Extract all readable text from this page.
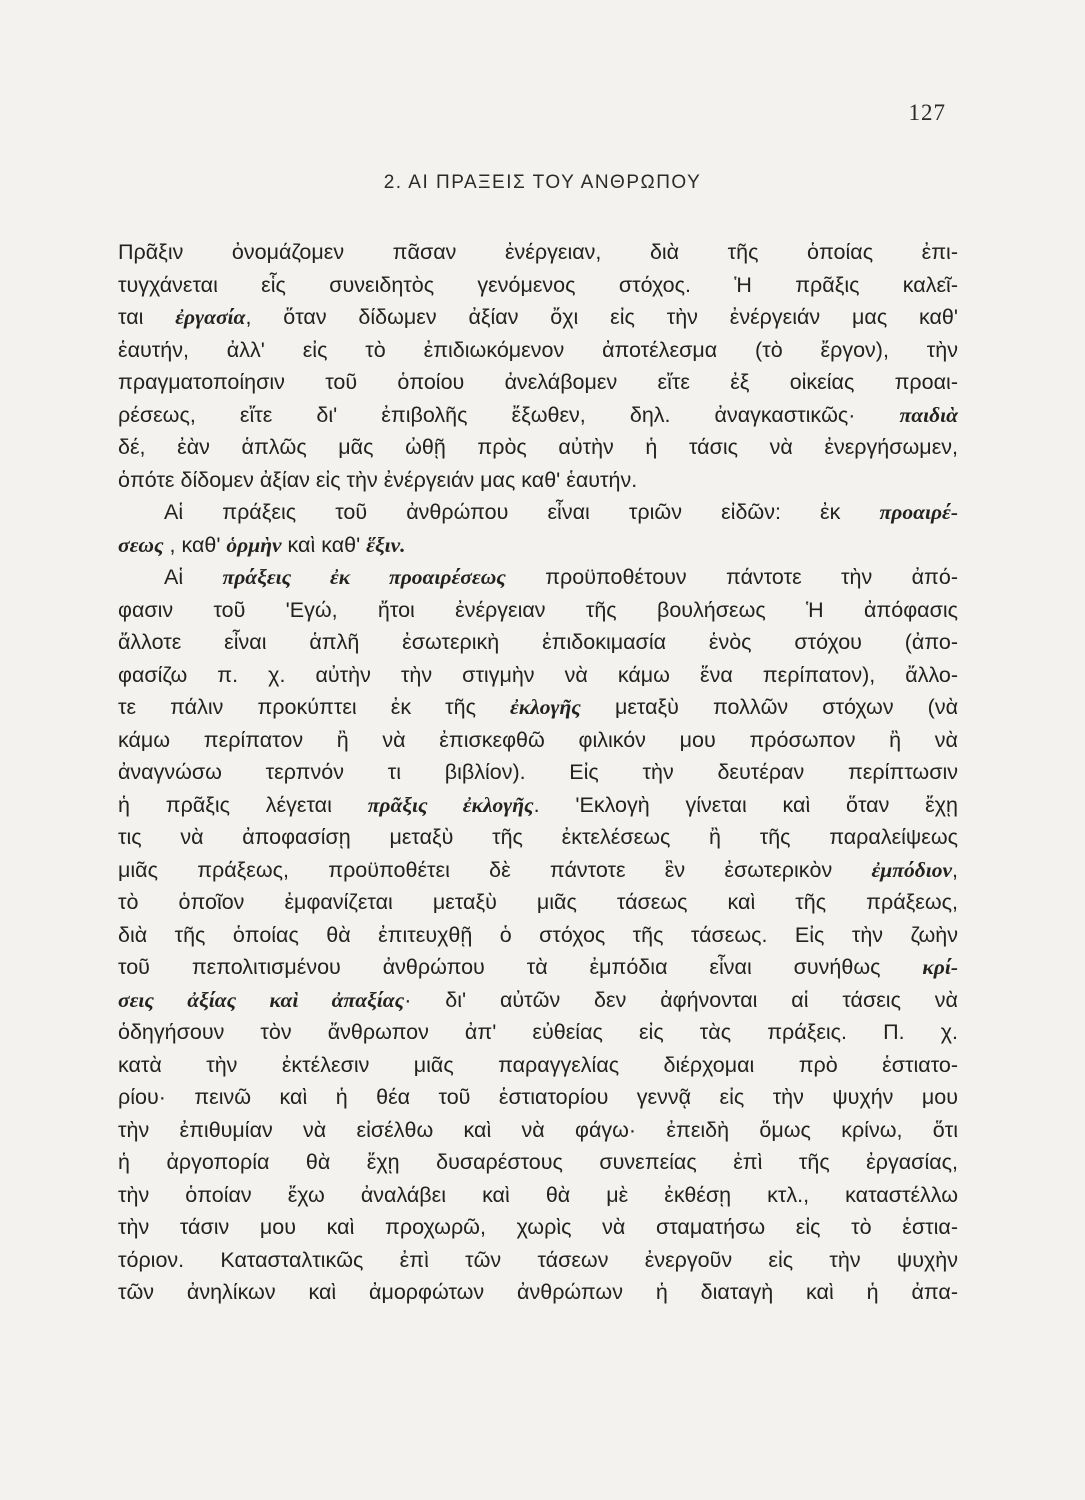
127
2. ΑΙ ΠΡΑΞΕΙΣ ΤΟΥ ΑΝΘΡΩΠΟΥ
Πρᾶξιν ὀνομάζομεν πᾶσαν ἐνέργειαν, διὰ τῆς ὁποίας ἐπι-
τυγχάνεται εἷς συνειδητὸς γενόμενος στόχος. Ἡ πρᾶξις καλεῖ-
ται ἐργασία, ὅταν δίδωμεν ἀξίαν ὄχι εἰς τὴν ἐνέργειάν μας καθ'
ἑαυτήν, ἀλλ' εἰς τὸ ἐπιδιωκόμενον ἀποτέλεσμα (τὸ ἔργον), τὴν
πραγματοποίησιν τοῦ ὁποίου ἀνελάβομεν εἴτε ἐξ οἰκείας προαι-
ρέσεως, εἴτε δι' ἐπιβολῆς ἔξωθεν, δηλ. ἀναγκαστικῶς· παιδιὰ
δέ, ἐὰν ἁπλῶς μᾶς ὠθῇ πρὸς αὐτὴν ἡ τάσις νὰ ἐνεργήσωμεν,
ὁπότε δίδομεν ἀξίαν εἰς τὴν ἐνέργειάν μας καθ' ἑαυτήν.
Αἱ πράξεις τοῦ ἀνθρώπου εἶναι τριῶν εἰδῶν: ἐκ προαιρέ-
σεως , καθ' ὁρμὴν καὶ καθ' ἕξιν.
Αἱ πράξεις ἐκ προαιρέσεως προϋποθέτουν πάντοτε τὴν ἀπό-
φασιν τοῦ 'Εγώ, ἤτοι ἐνέργειαν τῆς βουλήσεως Ἡ ἀπόφασις
ἄλλοτε εἶναι ἁπλῆ ἐσωτερικὴ ἐπιδοκιμασία ἑνὸς στόχου (ἀπο-
φασίζω π. χ. αὐτὴν τὴν στιγμὴν νὰ κάμω ἕνα περίπατον), ἄλλο-
τε πάλιν προκύπτει ἐκ τῆς ἐκλογῆς μεταξὺ πολλῶν στόχων (νὰ
κάμω περίπατον ἢ νὰ ἐπισκεφθῶ φιλικόν μου πρόσωπον ἢ νὰ
ἀναγνώσω τερπνόν τι βιβλίον). Εἰς τὴν δευτέραν περίπτωσιν
ἡ πρᾶξις λέγεται πρᾶξις ἐκλογῆς. 'Εκλογὴ γίνεται καὶ ὅταν ἔχῃ
τις νὰ ἀποφασίσῃ μεταξὺ τῆς ἐκτελέσεως ἢ τῆς παραλείψεως
μιᾶς πράξεως, προϋποθέτει δὲ πάντοτε ἓν ἐσωτερικὸν ἐμπόδιον,
τὸ ὁποῖον ἐμφανίζεται μεταξὺ μιᾶς τάσεως καὶ τῆς πράξεως,
διὰ τῆς ὁποίας θὰ ἐπιτευχθῇ ὁ στόχος τῆς τάσεως. Εἰς τὴν ζωὴν
τοῦ πεπολιτισμένου ἀνθρώπου τὰ ἐμπόδια εἶναι συνήθως κρί-
σεις ἀξίας καὶ ἀπαξίας· δι' αὐτῶν δεν ἀφήνονται αἱ τάσεις νὰ
ὁδηγήσουν τὸν ἄνθρωπον ἀπ' εὐθείας εἰς τὰς πράξεις. Π. χ.
κατὰ τὴν ἐκτέλεσιν μιᾶς παραγγελίας διέρχομαι πρὸ ἑστιατο-
ρίου· πεινῶ καὶ ἡ θέα τοῦ ἑστιατορίου γεννᾷ εἰς τὴν ψυχήν μου
τὴν ἐπιθυμίαν νὰ εἰσέλθω καὶ νὰ φάγω· ἐπειδὴ ὅμως κρίνω, ὅτι
ἡ ἀργοπορία θὰ ἔχῃ δυσαρέστους συνεπείας ἐπὶ τῆς ἐργασίας,
τὴν ὁποίαν ἔχω ἀναλάβει καὶ θὰ μὲ ἐκθέσῃ κτλ., καταστέλλω
τὴν τάσιν μου καὶ προχωρῶ, χωρὶς νὰ σταματήσω εἰς τὸ ἑστια-
τόριον. Κατασταλτικῶς ἐπὶ τῶν τάσεων ἐνεργοῦν εἰς τὴν ψυχὴν
τῶν ἀνηλίκων καὶ ἀμορφώτων ἀνθρώπων ἡ διαταγὴ καὶ ἡ ἀπα-
